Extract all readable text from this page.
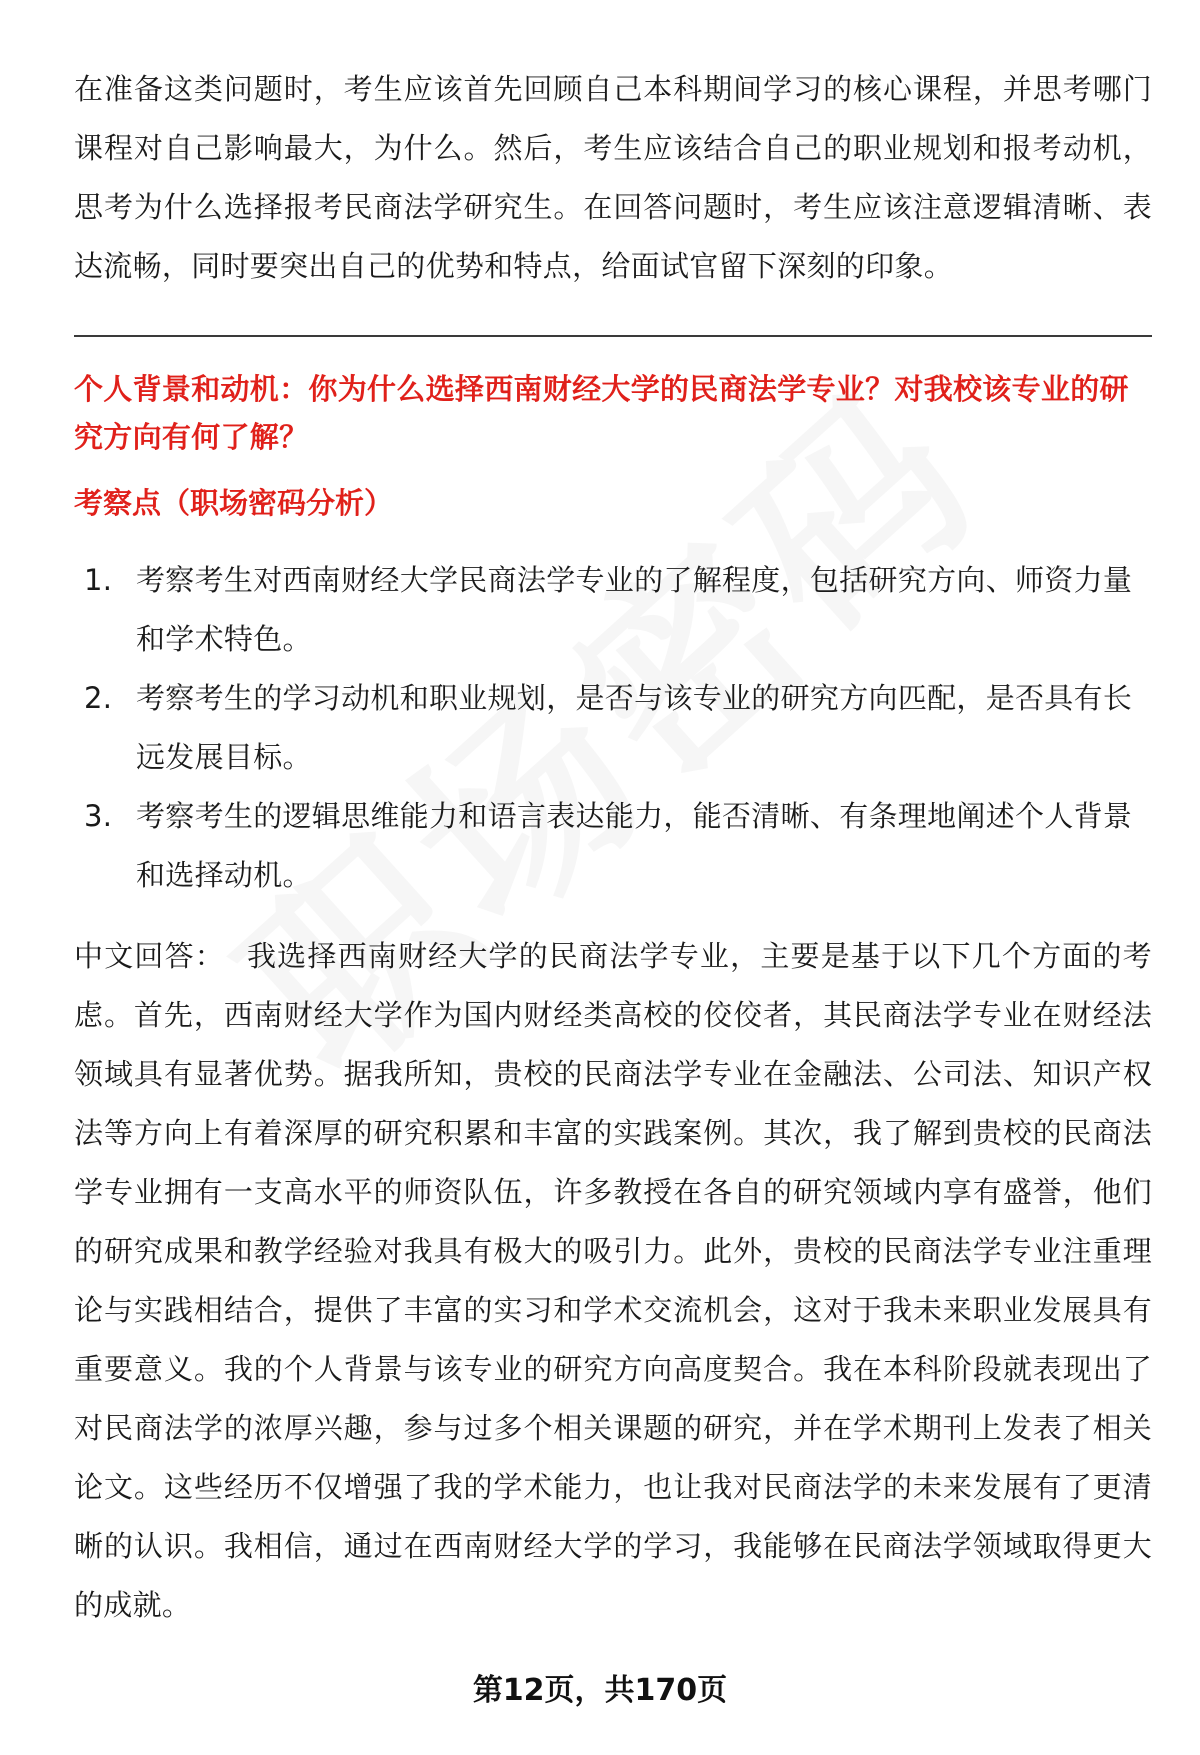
在准备这类问题时，考生应该首先回顾自己本科期间学习的核心课程，并思考哪门课程对自己影响最大，为什么。然后，考生应该结合自己的职业规划和报考动机，思考为什么选择报考民商法学研究生。在回答问题时，考生应该注意逻辑清晰、表达流畅，同时要突出自己的优势和特点，给面试官留下深刻的印象。

个人背景和动机：你为什么选择西南财经大学的民商法学专业？对我校该专业的研究方向有何了解？
考察点（职场密码分析）
1. 考察考生对西南财经大学民商法学专业的了解程度，包括研究方向、师资力量和学术特色。
2. 考察考生的学习动机和职业规划，是否与该专业的研究方向匹配，是否具有长远发展目标。
3. 考察考生的逻辑思维能力和语言表达能力，能否清晰、有条理地阐述个人背景和选择动机。

中文回答： 我选择西南财经大学的民商法学专业，主要是基于以下几个方面的考虑。首先，西南财经大学作为国内财经类高校的佼佼者，其民商法学专业在财经法领域具有显著优势。据我所知，贵校的民商法学专业在金融法、公司法、知识产权法等方向上有着深厚的研究积累和丰富的实践案例。其次，我了解到贵校的民商法学专业拥有一支高水平的师资队伍，许多教授在各自的研究领域内享有盛誉，他们的研究成果和教学经验对我具有极大的吸引力。此外，贵校的民商法学专业注重理论与实践相结合，提供了丰富的实习和学术交流机会，这对于我未来职业发展具有重要意义。我的个人背景与该专业的研究方向高度契合。我在本科阶段就表现出了对民商法学的浓厚兴趣，参与过多个相关课题的研究，并在学术期刊上发表了相关论文。这些经历不仅增强了我的学术能力，也让我对民商法学的未来发展有了更清晰的认识。我相信，通过在西南财经大学的学习，我能够在民商法学领域取得更大的成就。

第12页，共170页
